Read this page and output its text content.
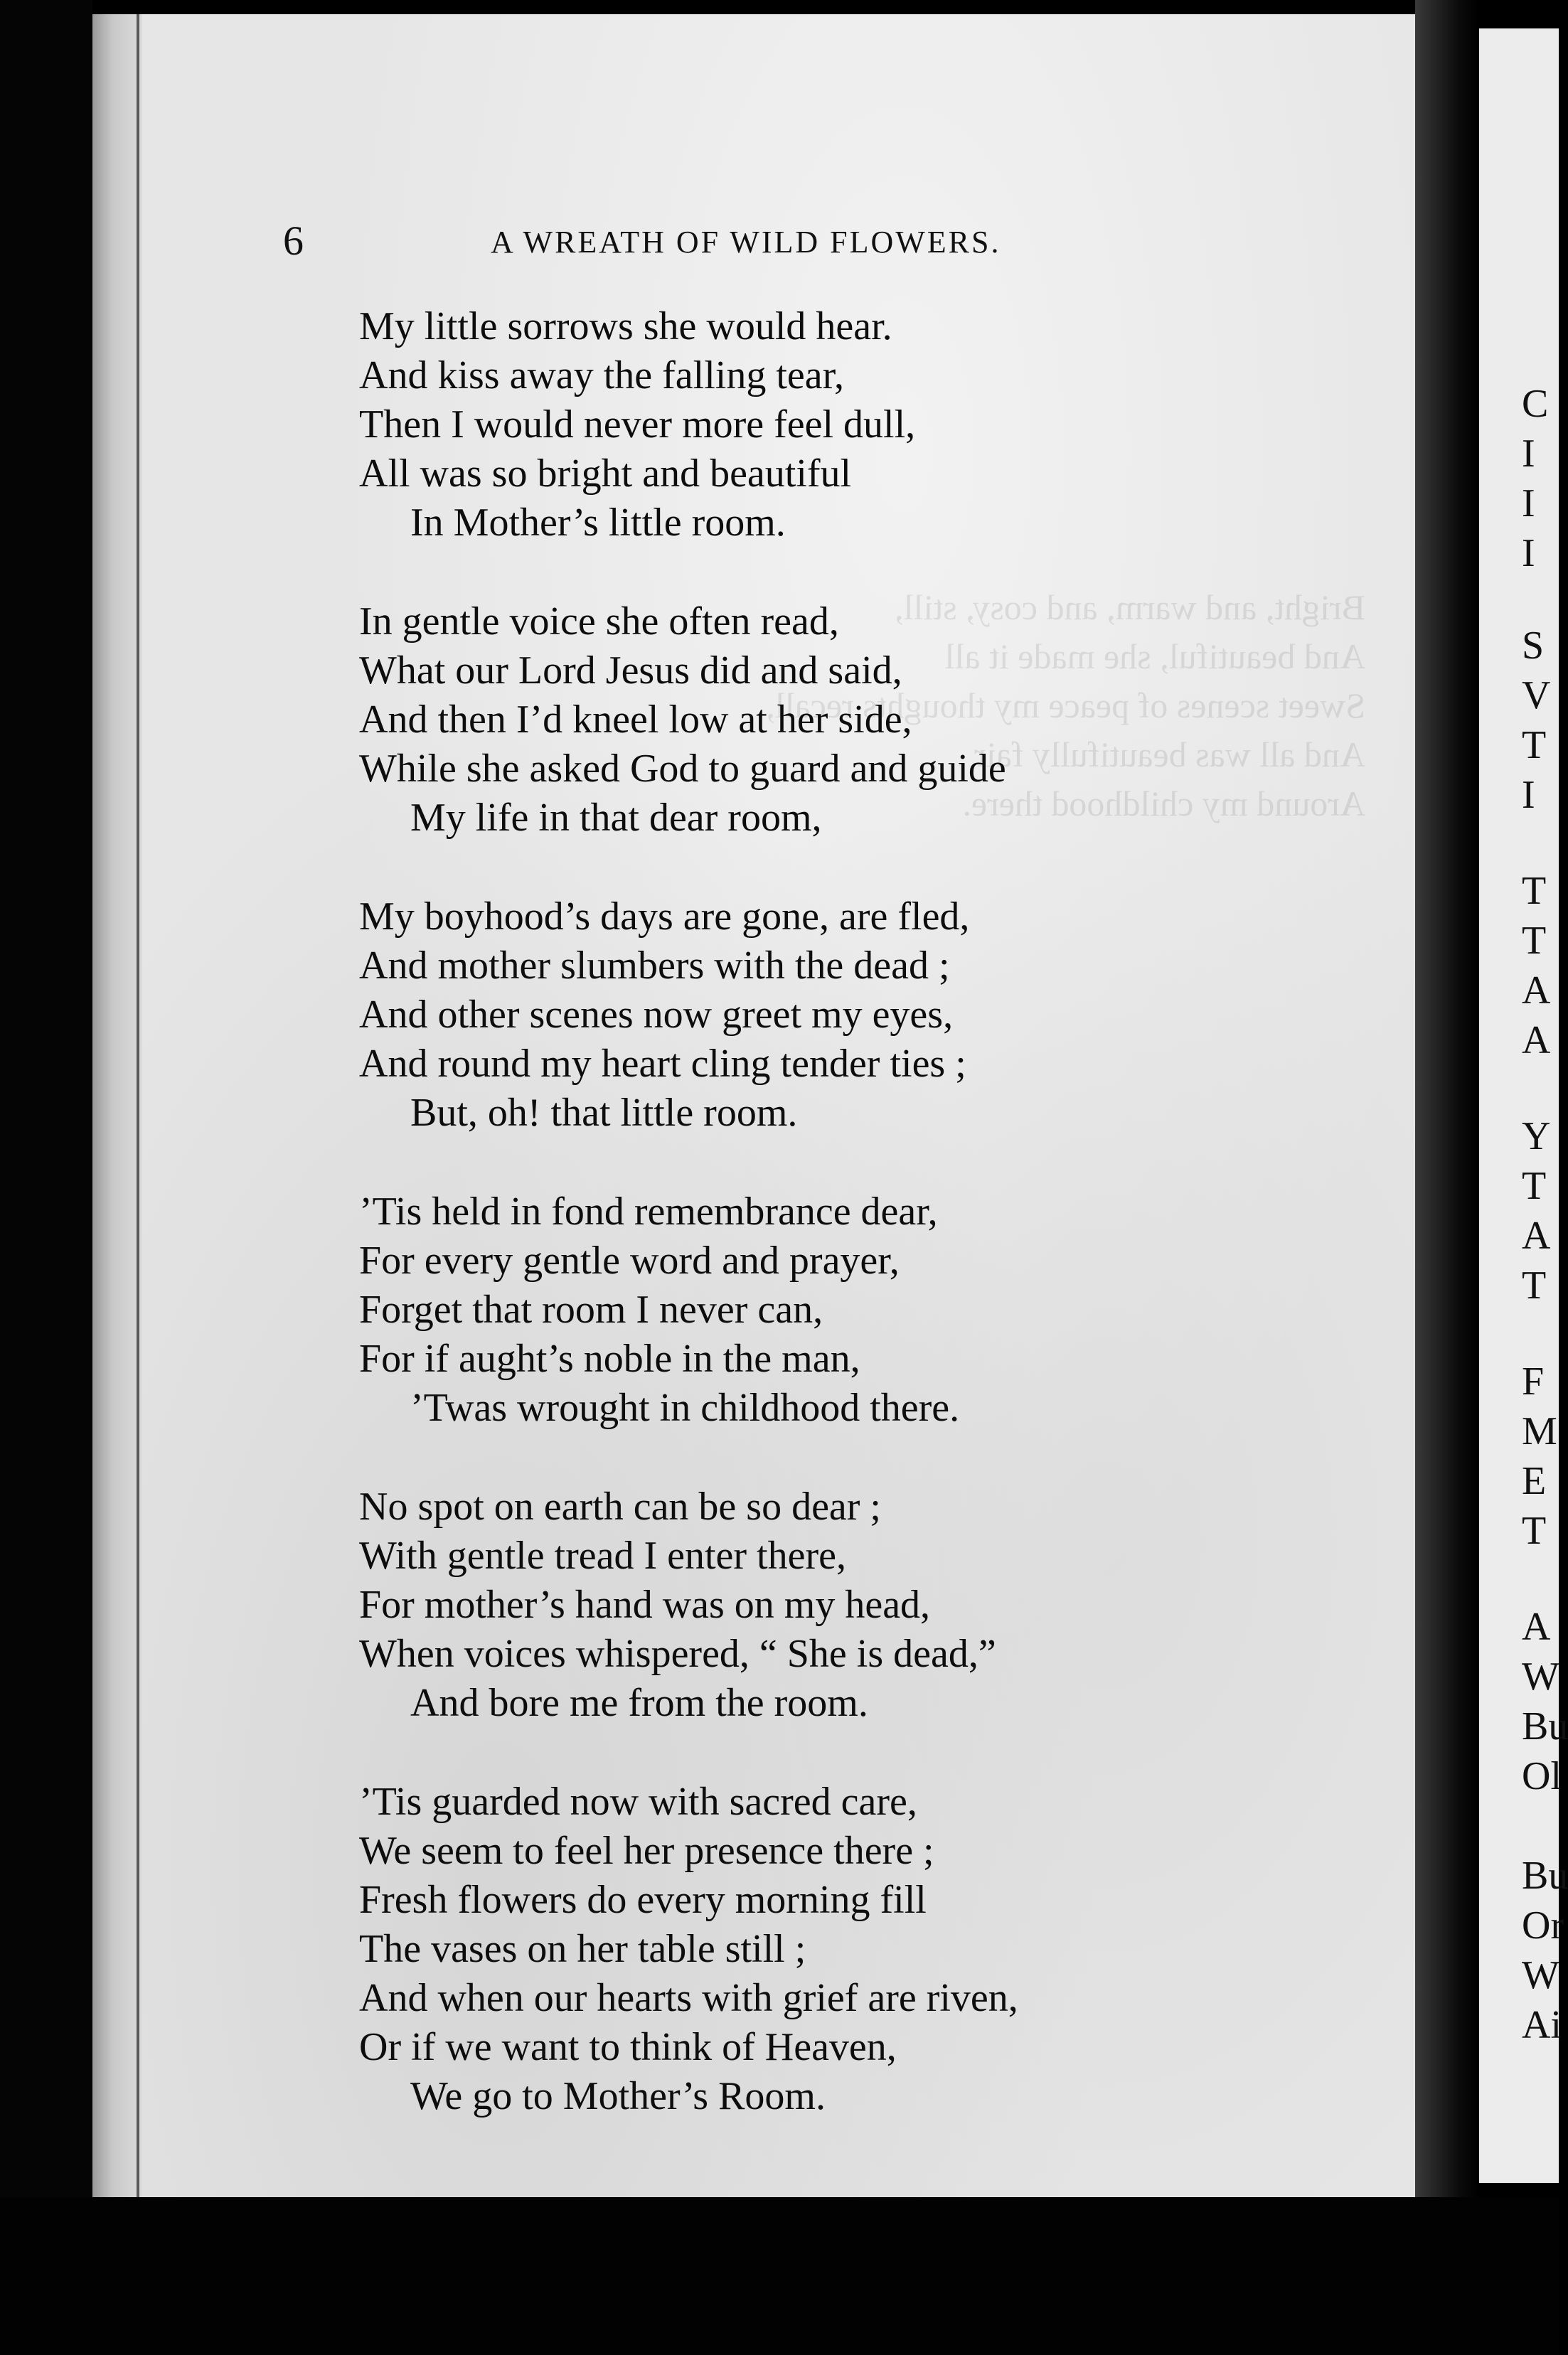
Bright, and warm, and cosy, still,
And beautiful, she made it all
Sweet scenes of peace my thoughts recall,
And all was beautifully fair
Around my childhood there.
6	A WREATH OF WILD FLOWERS.
My little sorrows she would hear.
And kiss away the falling tear,
Then I would never more feel dull,
All was so bright and beautiful
In Mother’s little room.
In gentle voice she often read,
What our Lord Jesus did and said,
And then I’d kneel low at her side,
While she asked God to guard and guide
My life in that dear room,
My boyhood’s days are gone, are fled,
And mother slumbers with the dead ;
And other scenes now greet my eyes,
And round my heart cling tender ties ;
But, oh! that little room.
’Tis held in fond remembrance dear,
For every gentle word and prayer,
Forget that room I never can,
For if aught’s noble in the man,
’Twas wrought in childhood there.
No spot on earth can be so dear ;
With gentle tread I enter there,
For mother’s hand was on my head,
When voices whispered, “ She is dead,”
And bore me from the room.
’Tis guarded now with sacred care,
We seem to feel her presence there ;
Fresh flowers do every morning fill
The vases on her table still ;
And when our hearts with grief are riven,
Or if we want to think of Heaven,
We go to Mother’s Room.
C
I
I
I
S
V
T
I
T
T
A
A
Y
T
A
T
F
M
E
T
A
W
Bu
Ol
Bu
Or
W
Ai
